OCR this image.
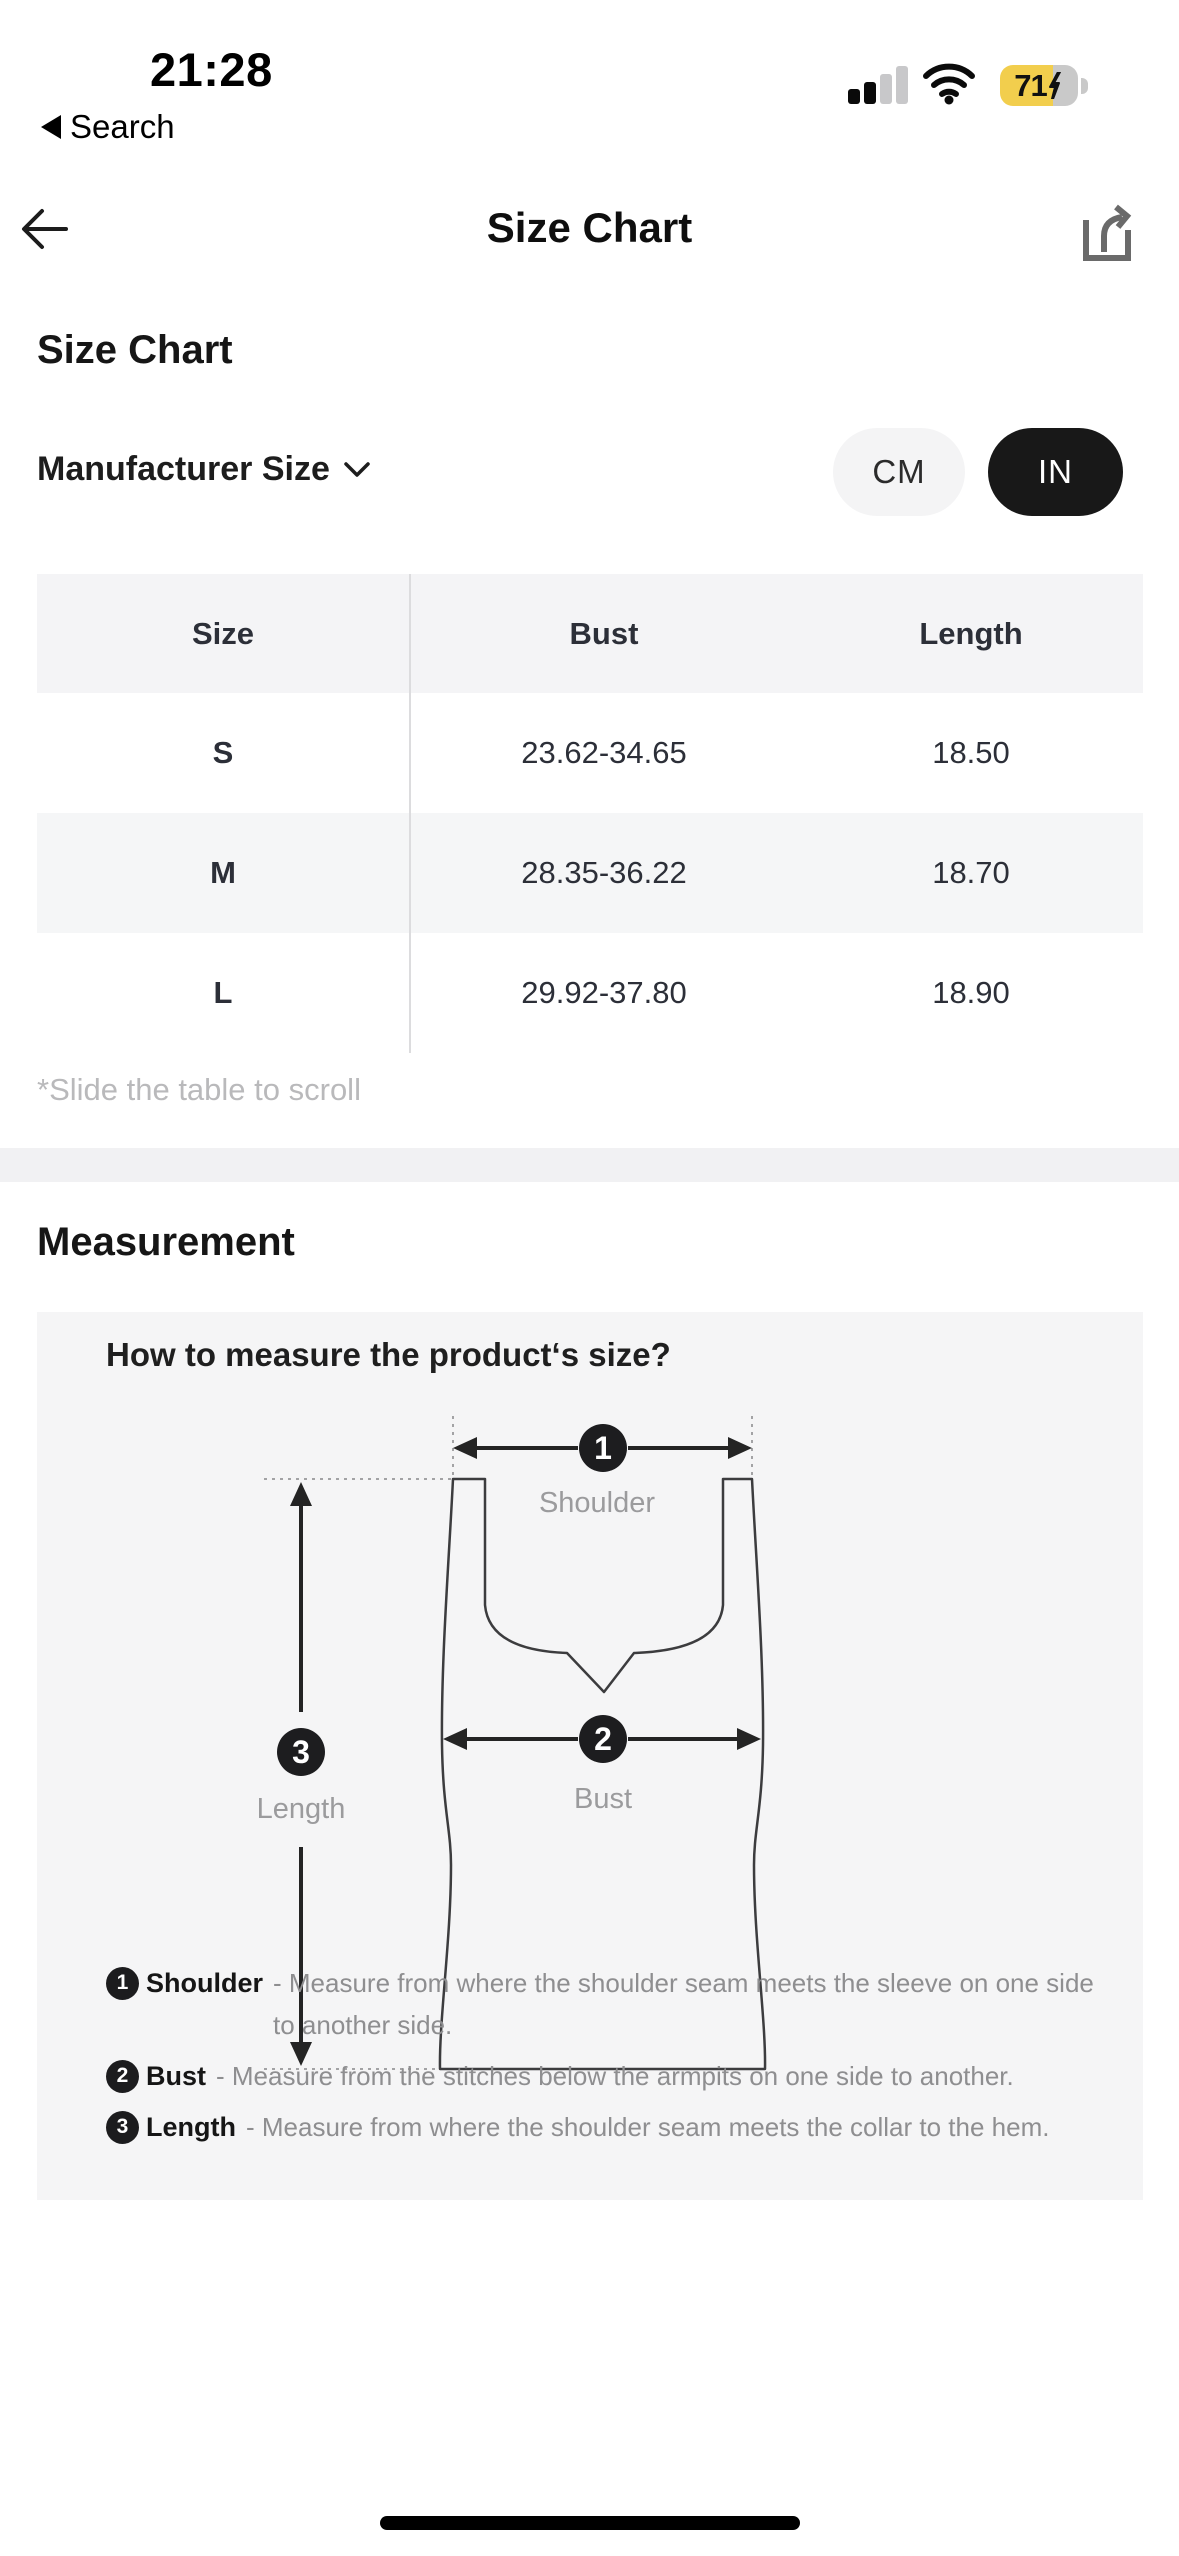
21:28
Search
71
Size Chart
Size Chart
Manufacturer Size	CM	IN
Size	Bust	Length
S	23.62-34.65	18.50
M	28.35-36.22	18.70
L	29.92-37.80	18.90
*Slide the table to scroll
Measurement
How to measure the product‘s size?
1
Shoulder
2
Bust
3
Length
1 Shoulder - Measure from where the shoulder seam meets the sleeve on one side to another side.
2 Bust - Measure from the stitches below the armpits on one side to another.
3 Length - Measure from where the shoulder seam meets the collar to the hem.
